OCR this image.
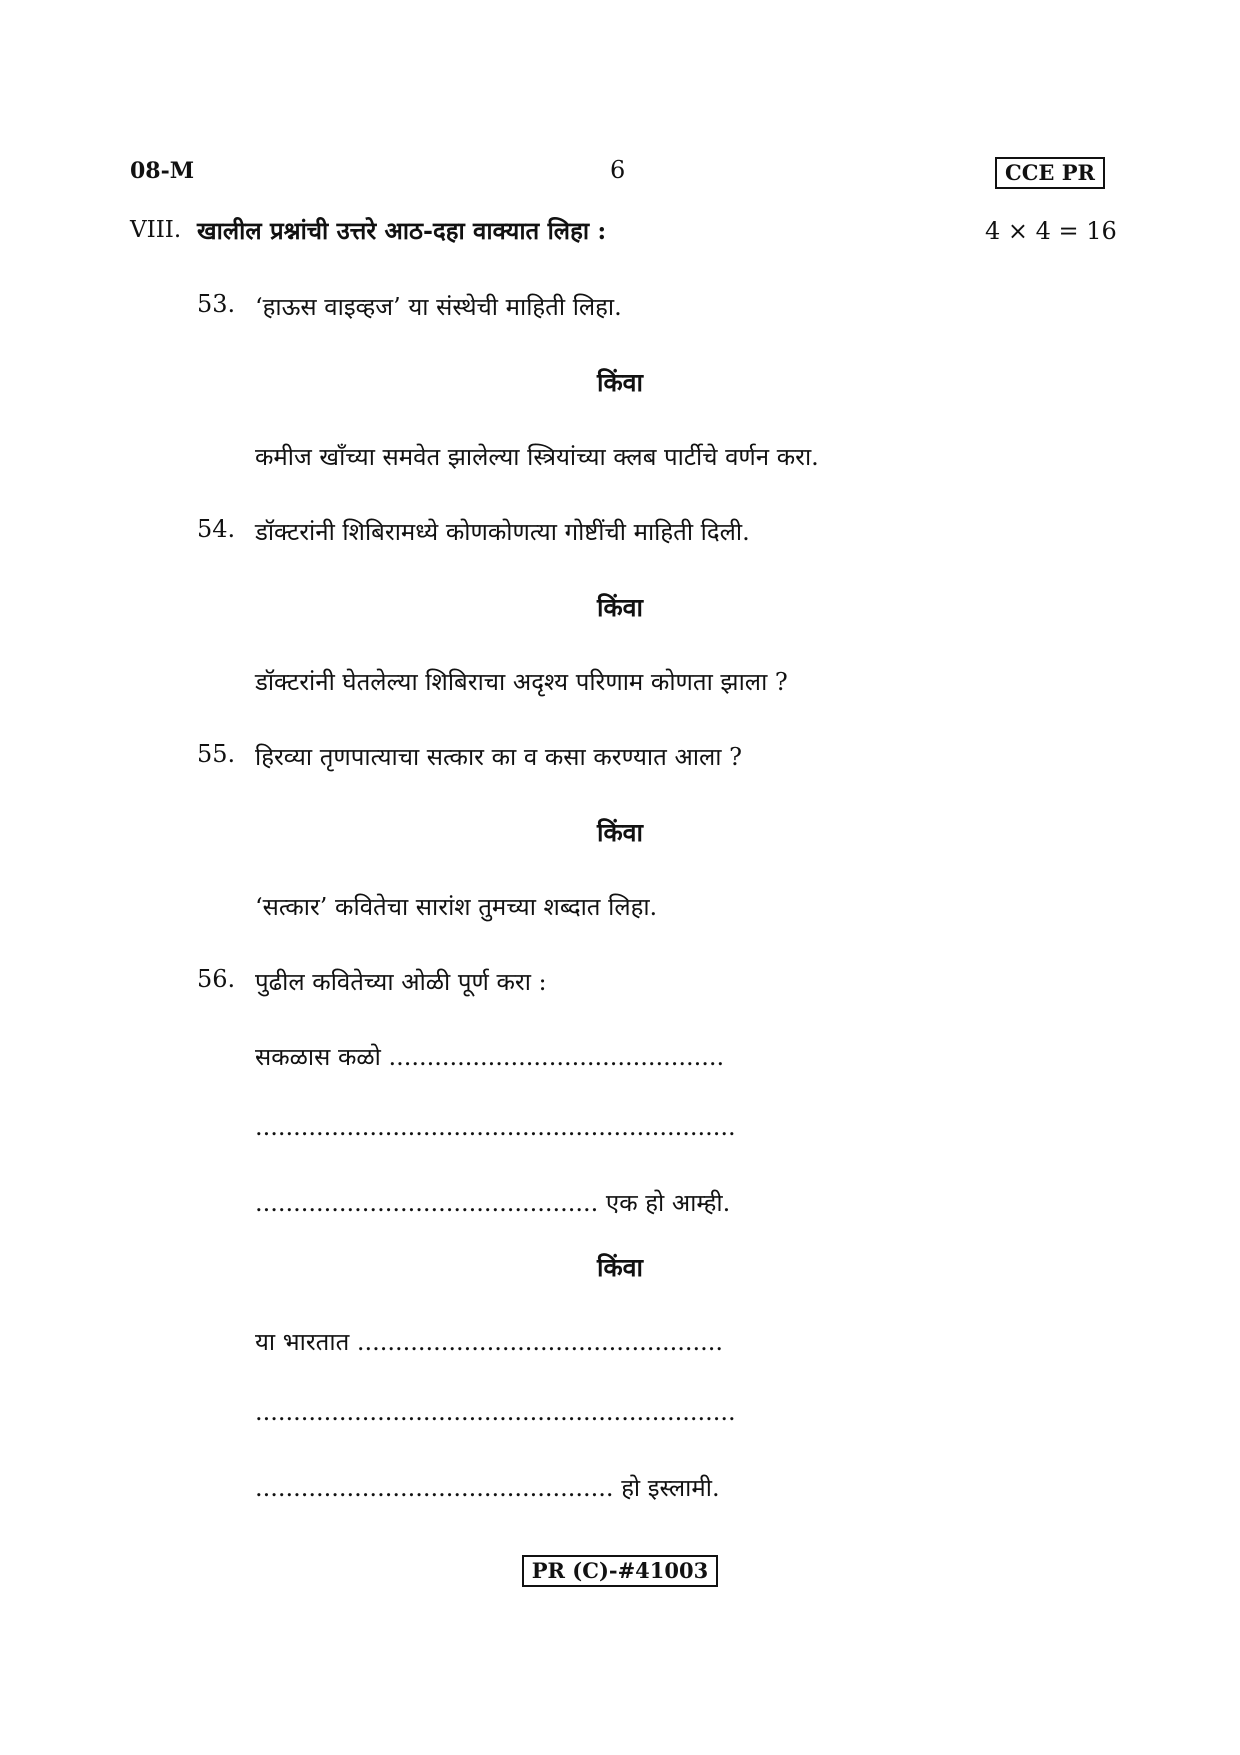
08-M	6	CCE PR
VIII. खालील प्रश्नांची उत्तरे आठ-दहा वाक्यात लिहा :	4 × 4 = 16
53. ‘हाऊस वाइव्हज’ या संस्थेची माहिती लिहा.
किंवा
कमीज खाँच्या समवेत झालेल्या स्त्रियांच्या क्लब पार्टीचे वर्णन करा.
54. डॉक्टरांनी शिबिरामध्ये कोणकोणत्या गोष्टींची माहिती दिली.
किंवा
डॉक्टरांनी घेतलेल्या शिबिराचा अदृश्य परिणाम कोणता झाला ?
55. हिरव्या तृणपात्याचा सत्कार का व कसा करण्यात आला ?
किंवा
‘सत्कार’ कवितेचा सारांश तुमच्या शब्दात लिहा.
56. पुढील कवितेच्या ओळी पूर्ण करा :
सकळास कळो ............................................
...............................................................
............................................. एक हो आम्ही.
किंवा
या भारतात ................................................
...............................................................
............................................... हो इस्लामी.
PR (C)-#41003
